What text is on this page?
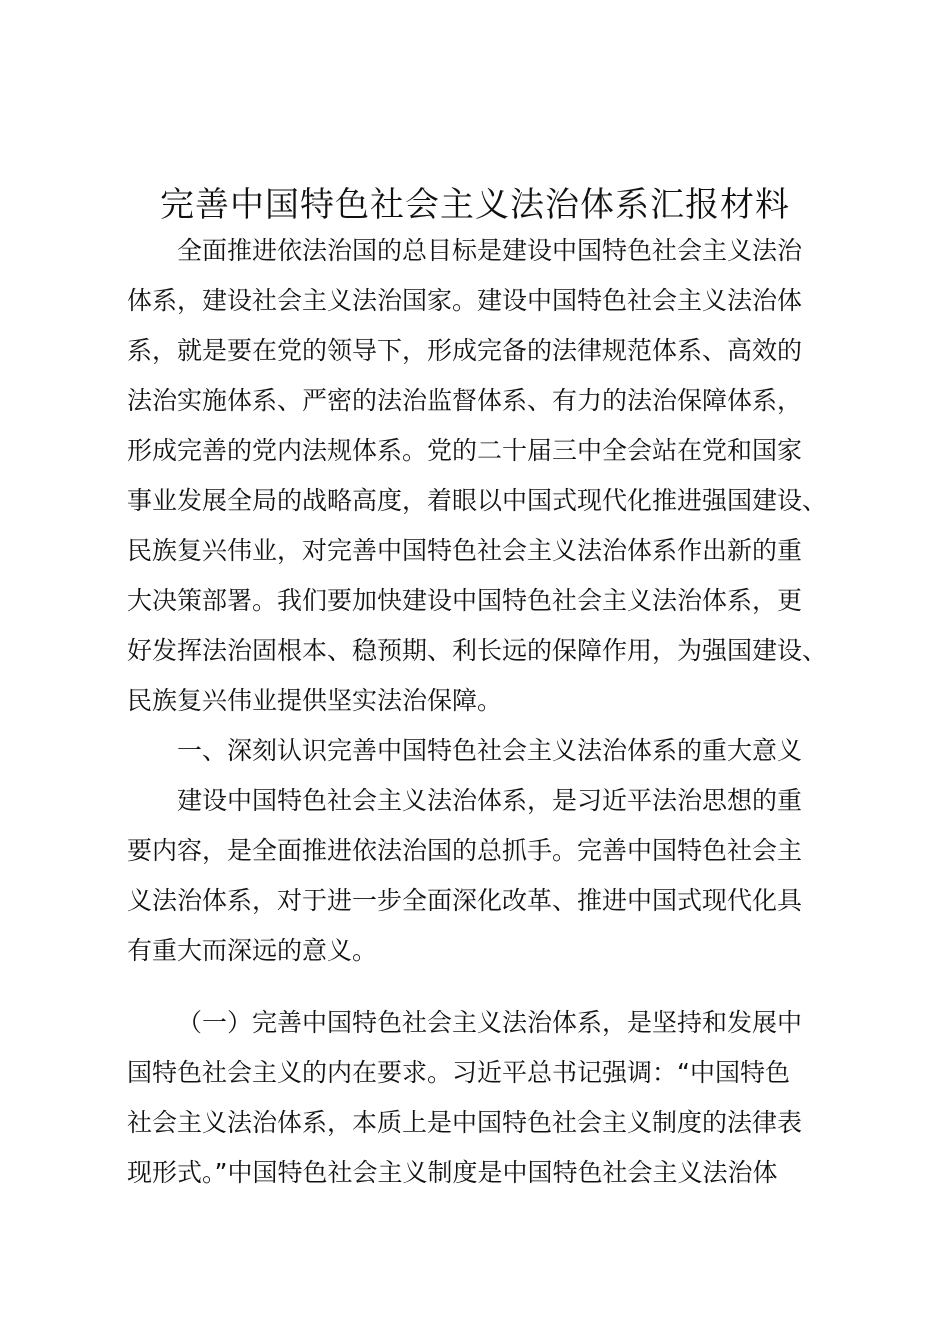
完善中国特色社会主义法治体系汇报材料
全面推进依法治国的总目标是建设中国特色社会主义法治
体系，建设社会主义法治国家。建设中国特色社会主义法治体
系，就是要在党的领导下，形成完备的法律规范体系、高效的
法治实施体系、严密的法治监督体系、有力的法治保障体系，
形成完善的党内法规体系。党的二十届三中全会站在党和国家
事业发展全局的战略高度，着眼以中国式现代化推进强国建设、
民族复兴伟业，对完善中国特色社会主义法治体系作出新的重
大决策部署。我们要加快建设中国特色社会主义法治体系，更
好发挥法治固根本、稳预期、利长远的保障作用，为强国建设、
民族复兴伟业提供坚实法治保障。
一、深刻认识完善中国特色社会主义法治体系的重大意义
建设中国特色社会主义法治体系，是习近平法治思想的重
要内容，是全面推进依法治国的总抓手。完善中国特色社会主
义法治体系，对于进一步全面深化改革、推进中国式现代化具
有重大而深远的意义。
（一）完善中国特色社会主义法治体系，是坚持和发展中
国特色社会主义的内在要求。习近平总书记强调：“中国特色
社会主义法治体系，本质上是中国特色社会主义制度的法律表
现形式。”中国特色社会主义制度是中国特色社会主义法治体
